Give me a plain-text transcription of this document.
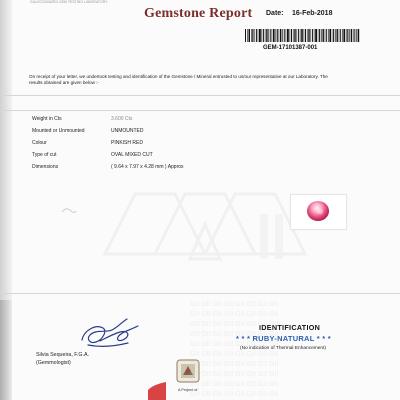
GIA-ECOGNIZED GEM TESTING LABORATORY
Gemstone Report Date: 16-Feb-2018
GEM-17101387-001
On receipt of your letter, we undertook testing and identification of the Gemstone / Mineral entrusted to us/our representative at our Laboratory. The results obtained are given below :-
Weight in Cts	3.600 Cts
Mounted or Unmounted	UNMOUNTED
Colour	PINKISH RED
Type of cut	OVAL MIXED CUT
Dimensions	( 9.64 x 7.97 x 4.28 mm ) Approx
Silvia Sequeira, F.G.A.
(Gemmologist)
IDENTIFICATION
* * * RUBY-NATURAL * * *
(No indication of Thermal Enhancement)
A Project of
GII GII GII GII GII GII GII GII
GII GII GII GII GII GII GII GII
GII GII GII GII GII GII GII GII
GII GII GII GII GII GII GII GII
GII GII GII GII GII GII GII GII
GII GII GII GII GII GII GII GII
GII GII GII GII GII GII GII GII
GII GII GII GII GII GII GII GII
GII GII GII GII GII GII GII GII
GII GII GII GII GII GII GII GII
